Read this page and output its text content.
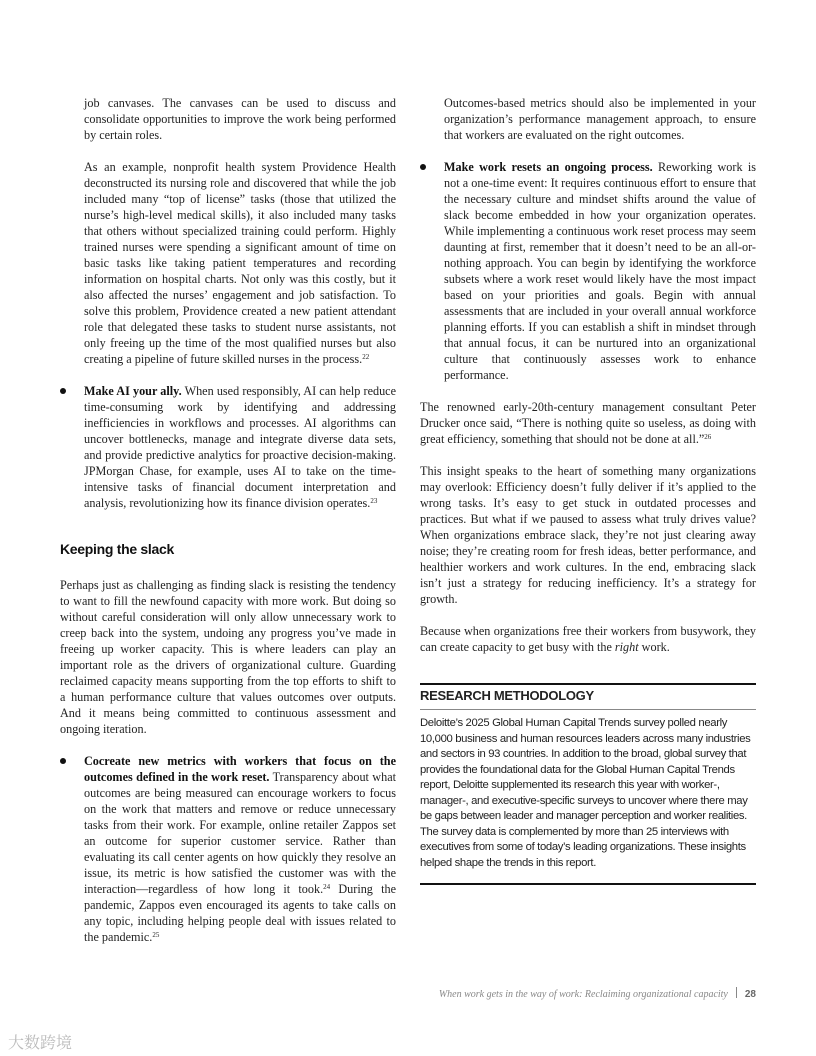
job canvases. The canvases can be used to discuss and consolidate opportunities to improve the work being performed by certain roles.

As an example, nonprofit health system Providence Health deconstructed its nursing role and discovered that while the job included many “top of license” tasks (those that utilized the nurse’s high-level medical skills), it also included many tasks that others without specialized training could perform. Highly trained nurses were spending a significant amount of time on basic tasks like taking patient temperatures and recording information on hospital charts. Not only was this costly, but it also affected the nurses’ engagement and job satisfaction. To solve this problem, Providence created a new patient attendant role that delegated these tasks to student nurse assistants, not only freeing up the time of the most qualified nurses but also creating a pipeline of future skilled nurses in the process.$^{22}$

Make AI your ally. When used responsibly, AI can help reduce time-consuming work by identifying and addressing inefficiencies in workflows and processes. AI algorithms can uncover bottlenecks, manage and integrate diverse data sets, and provide predictive analytics for proactive decision-making. JPMorgan Chase, for example, uses AI to take on the time-intensive tasks of financial document interpretation and analysis, revolutionizing how its finance division operates.$^{23}$

Keeping the slack

Perhaps just as challenging as finding slack is resisting the tendency to want to fill the newfound capacity with more work. But doing so without careful consideration will only allow unnecessary work to creep back into the system, undoing any progress you’ve made in freeing up worker capacity. This is where leaders can play an important role as the drivers of organizational culture. Guarding reclaimed capacity means supporting from the top efforts to shift to a human performance culture that values outcomes over outputs. And it means being committed to continuous assessment and ongoing iteration.

Cocreate new metrics with workers that focus on the outcomes defined in the work reset. Transparency about what outcomes are being measured can encourage workers to focus on the work that matters and remove or reduce unnecessary tasks from their work. For example, online retailer Zappos set an outcome for superior customer service. Rather than evaluating its call center agents on how quickly they resolve an issue, its metric is how satisfied the customer was with the interaction—regardless of how long it took.$^{24}$ During the pandemic, Zappos even encouraged its agents to take calls on any topic, including helping people deal with issues related to the pandemic.$^{25}$

Outcomes-based metrics should also be implemented in your organization’s performance management approach, to ensure that workers are evaluated on the right outcomes.

Make work resets an ongoing process. Reworking work is not a one-time event: It requires continuous effort to ensure that the necessary culture and mindset shifts around the value of slack become embedded in how your organization operates. While implementing a continuous work reset process may seem daunting at first, remember that it doesn’t need to be an all-or-nothing approach. You can begin by identifying the workforce subsets where a work reset would likely have the most impact based on your priorities and goals. Begin with annual assessments that are included in your overall annual workforce planning efforts. If you can establish a shift in mindset through that annual focus, it can be nurtured into an organizational culture that continuously assesses work to enhance performance.

The renowned early-20th-century management consultant Peter Drucker once said, “There is nothing quite so useless, as doing with great efficiency, something that should not be done at all.”$^{26}$

This insight speaks to the heart of something many organizations may overlook: Efficiency doesn’t fully deliver if it’s applied to the wrong tasks. It’s easy to get stuck in outdated processes and practices. But what if we paused to assess what truly drives value? When organizations embrace slack, they’re not just clearing away noise; they’re creating room for fresh ideas, better performance, and healthier workers and work cultures. In the end, embracing slack isn’t just a strategy for reducing inefficiency. It’s a strategy for growth.

Because when organizations free their workers from busywork, they can create capacity to get busy with the right work.

RESEARCH METHODOLOGY
Deloitte’s 2025 Global Human Capital Trends survey polled nearly 10,000 business and human resources leaders across many industries and sectors in 93 countries. In addition to the broad, global survey that provides the foundational data for the Global Human Capital Trends report, Deloitte supplemented its research this year with worker-, manager-, and executive-specific surveys to uncover where there may be gaps between leader and manager perception and worker realities. The survey data is complemented by more than 25 interviews with executives from some of today’s leading organizations. These insights helped shape the trends in this report.
When work gets in the way of work: Reclaiming organizational capacity 28
大数跨境
